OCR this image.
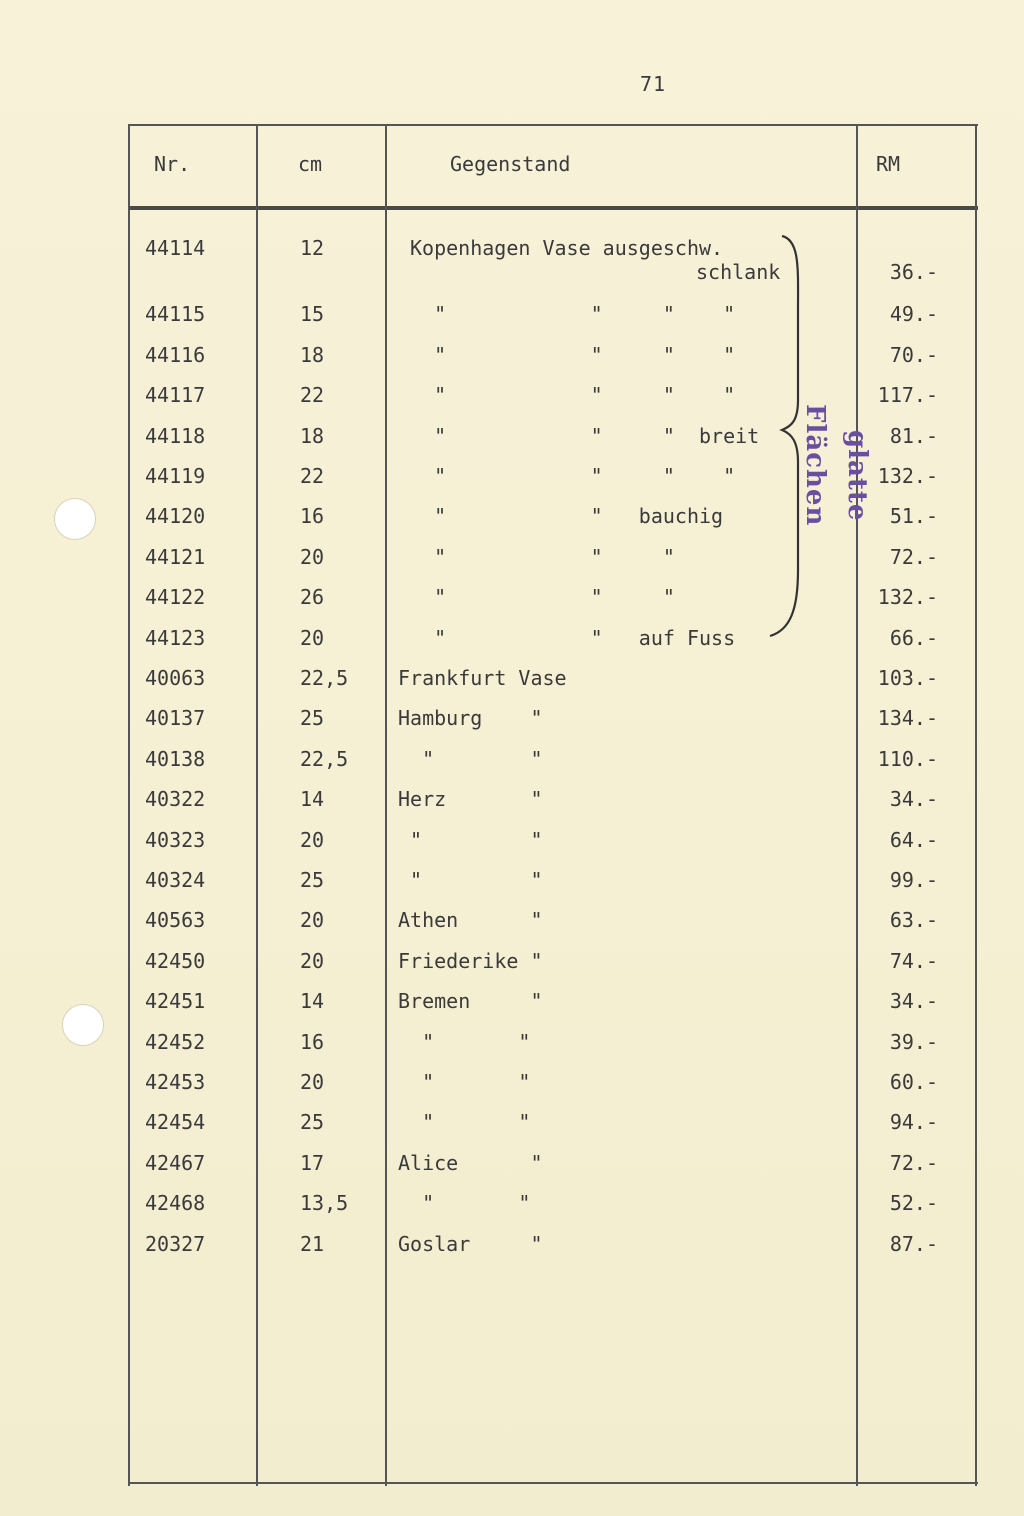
71
Nr.	cm	Gegenstand	RM
44114	12	Kopenhagen Vase ausgeschw.
schlank	36.-
44115	15	"            "     "    "	49.-
44116	18	"            "     "    "	70.-
44117	22	"            "     "    "	117.-
44118	18	"            "     "  breit	81.-
44119	22	"            "     "    "	132.-
44120	16	"            "   bauchig	51.-
44121	20	"            "     "	72.-
44122	26	"            "     "	132.-
44123	20	"            "   auf Fuss	66.-
40063	22,5 Frankfurt Vase	103.-
40137	25	Hamburg    "	134.-
40138	22,5 "        "	110.-
40322	14	Herz       "	34.-
40323	20	"         "	64.-
40324	25	"         "	99.-
40563	20	Athen      "	63.-
42450	20	Friederike "	74.-
42451	14	Bremen     "	34.-
42452	16	"       "	39.-
42453	20	"       "	60.-
42454	25	"       "	94.-
42467	17	Alice      "	72.-
42468	13,5 "       "	52.-
20327	21	Goslar     "	87.-
Flächen glatte
